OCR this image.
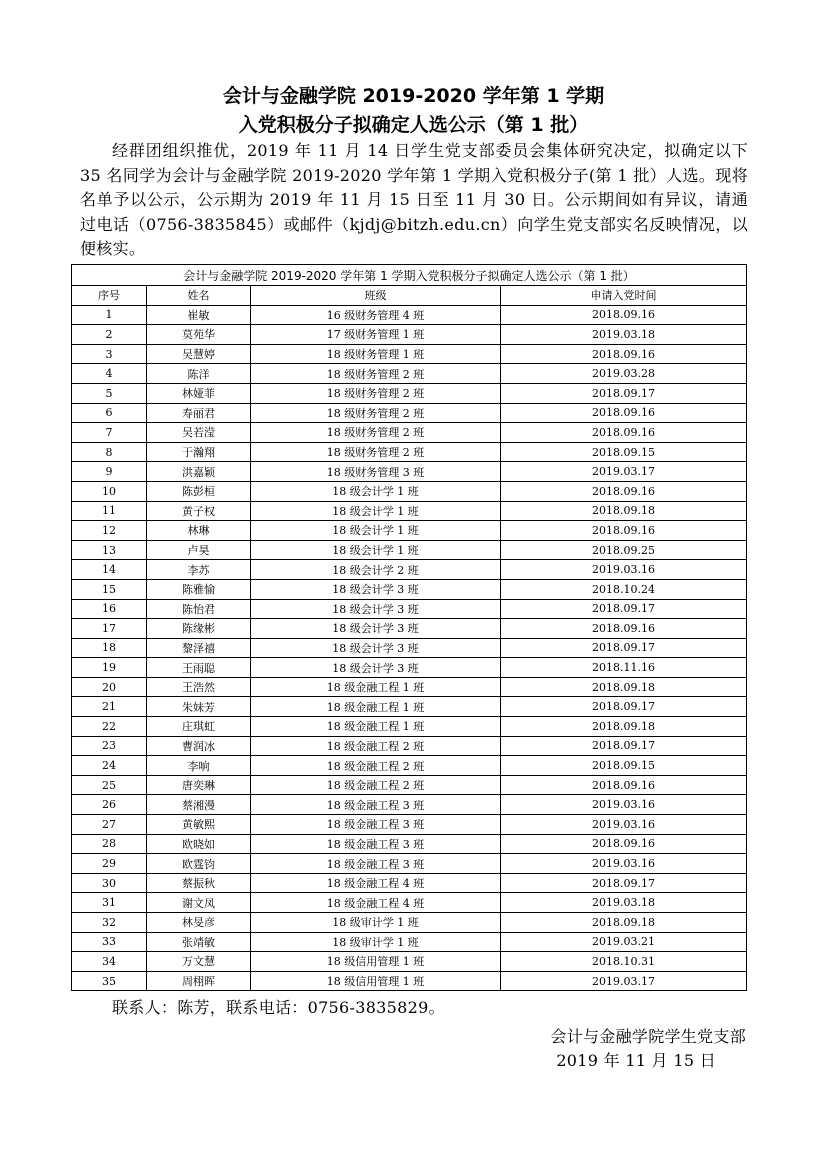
会计与金融学院 2019-2020 学年第 1 学期
入党积极分子拟确定人选公示（第 1 批）
经群团组织推优，2019 年 11 月 14 日学生党支部委员会集体研究决定，拟确定以下 35 名同学为会计与金融学院 2019-2020 学年第 1 学期入党积极分子(第 1 批）人选。现将名单予以公示，公示期为 2019 年 11 月 15 日至 11 月 30 日。公示期间如有异议，请通过电话（0756-3835845）或邮件（kjdj@bitzh.edu.cn）向学生党支部实名反映情况，以便核实。
会计与金融学院 2019-2020 学年第 1 学期入党积极分子拟确定人选公示（第 1 批）			
序号	姓名	班级	申请入党时间
1	崔敏	16 级财务管理 4 班	2018.09.16
2	莫苑华	17 级财务管理 1 班	2019.03.18
3	吴慧婷	18 级财务管理 1 班	2018.09.16
4	陈洋	18 级财务管理 2 班	2019.03.28
5	林娅菲	18 级财务管理 2 班	2018.09.17
6	寿丽君	18 级财务管理 2 班	2018.09.16
7	吴若滢	18 级财务管理 2 班	2018.09.16
8	于瀚翔	18 级财务管理 2 班	2018.09.15
9	洪嘉颖	18 级财务管理 3 班	2019.03.17
10	陈彭桓	18 级会计学 1 班	2018.09.16
11	黄子权	18 级会计学 1 班	2018.09.18
12	林琳	18 级会计学 1 班	2018.09.16
13	卢昊	18 级会计学 1 班	2018.09.25
14	李苏	18 级会计学 2 班	2019.03.16
15	陈雅愉	18 级会计学 3 班	2018.10.24
16	陈怡君	18 级会计学 3 班	2018.09.17
17	陈缘彬	18 级会计学 3 班	2018.09.16
18	黎泽禧	18 级会计学 3 班	2018.09.17
19	王雨聪	18 级会计学 3 班	2018.11.16
20	王浩然	18 级金融工程 1 班	2018.09.18
21	朱妹芳	18 级金融工程 1 班	2018.09.17
22	庄琪虹	18 级金融工程 1 班	2018.09.18
23	曹润冰	18 级金融工程 2 班	2018.09.17
24	李响	18 级金融工程 2 班	2018.09.15
25	唐奕琳	18 级金融工程 2 班	2018.09.16
26	蔡湘漫	18 级金融工程 3 班	2019.03.16
27	黄敏熙	18 级金融工程 3 班	2019.03.16
28	欧晓如	18 级金融工程 3 班	2018.09.16
29	欧霆钧	18 级金融工程 3 班	2019.03.16
30	蔡振秋	18 级金融工程 4 班	2018.09.17
31	谢文凤	18 级金融工程 4 班	2019.03.18
32	林旻彦	18 级审计学 1 班	2018.09.18
33	张靖敏	18 级审计学 1 班	2019.03.21
34	万文慧	18 级信用管理 1 班	2018.10.31
35	周栩晖	18 级信用管理 1 班	2019.03.17
联系人：陈芳，联系电话：0756-3835829。
会计与金融学院学生党支部
2019 年 11 月 15 日
